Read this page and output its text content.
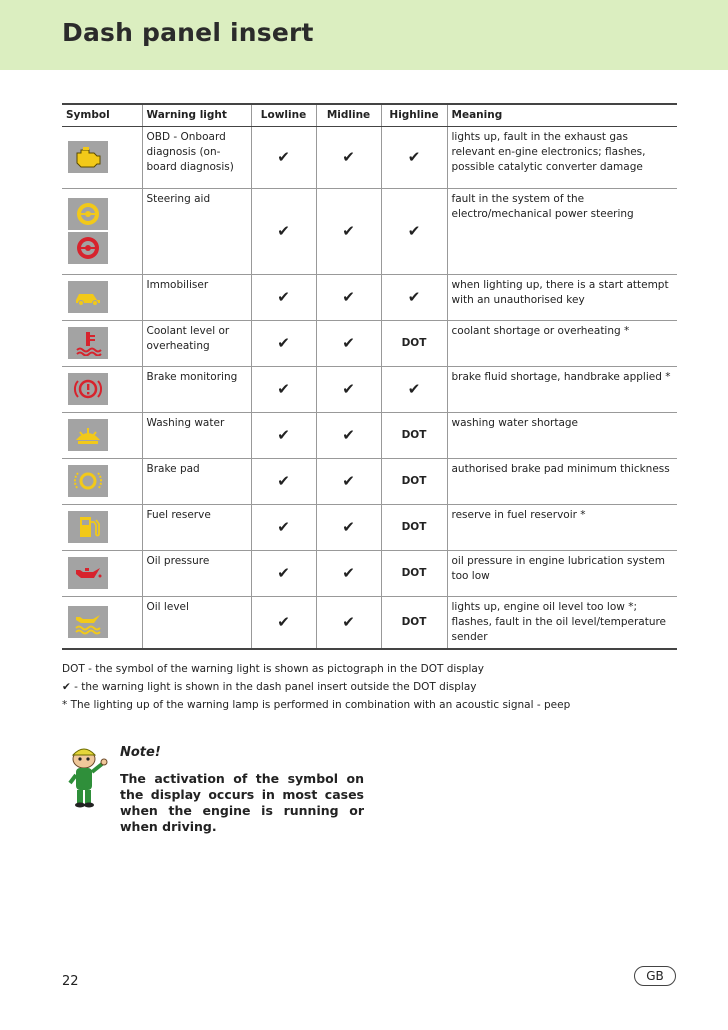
Dash panel insert
Symbol	Warning light	Lowline	Midline	Highline	Meaning

	OBD - Onboard diagnosis (on-board diagnosis)	✔	✔	✔	lights up, fault in the exhaust gas relevant en-gine electronics; flashes, possible catalytic converter damage

	Steering aid	✔	✔	✔	fault in the system of the electro/mechanical power steering

	Immobiliser	✔	✔	✔	when lighting up, there is a start attempt with an unauthorised key

	Coolant level or overheating	✔	✔	DOT	coolant shortage or overheating *

	Brake monitoring	✔	✔	✔	brake fluid shortage, handbrake applied *

	Washing water	✔	✔	DOT	washing water shortage

	Brake pad	✔	✔	DOT	authorised brake pad minimum thickness

	Fuel reserve	✔	✔	DOT	reserve in fuel reservoir *

	Oil pressure	✔	✔	DOT	oil pressure in engine lubrication system too low

	Oil level	✔	✔	DOT	lights up, engine oil level too low *; flashes, fault in the oil level/temperature sender
DOT - the symbol of the warning light is shown as pictograph in the DOT display
✔ - the warning light is shown in the dash panel insert outside the DOT display
* The lighting up of the warning lamp is performed in combination with an acoustic signal - peep
Note!
The activation of the symbol on the display occurs in most cases when the engine is running or when driving.
22	GB
